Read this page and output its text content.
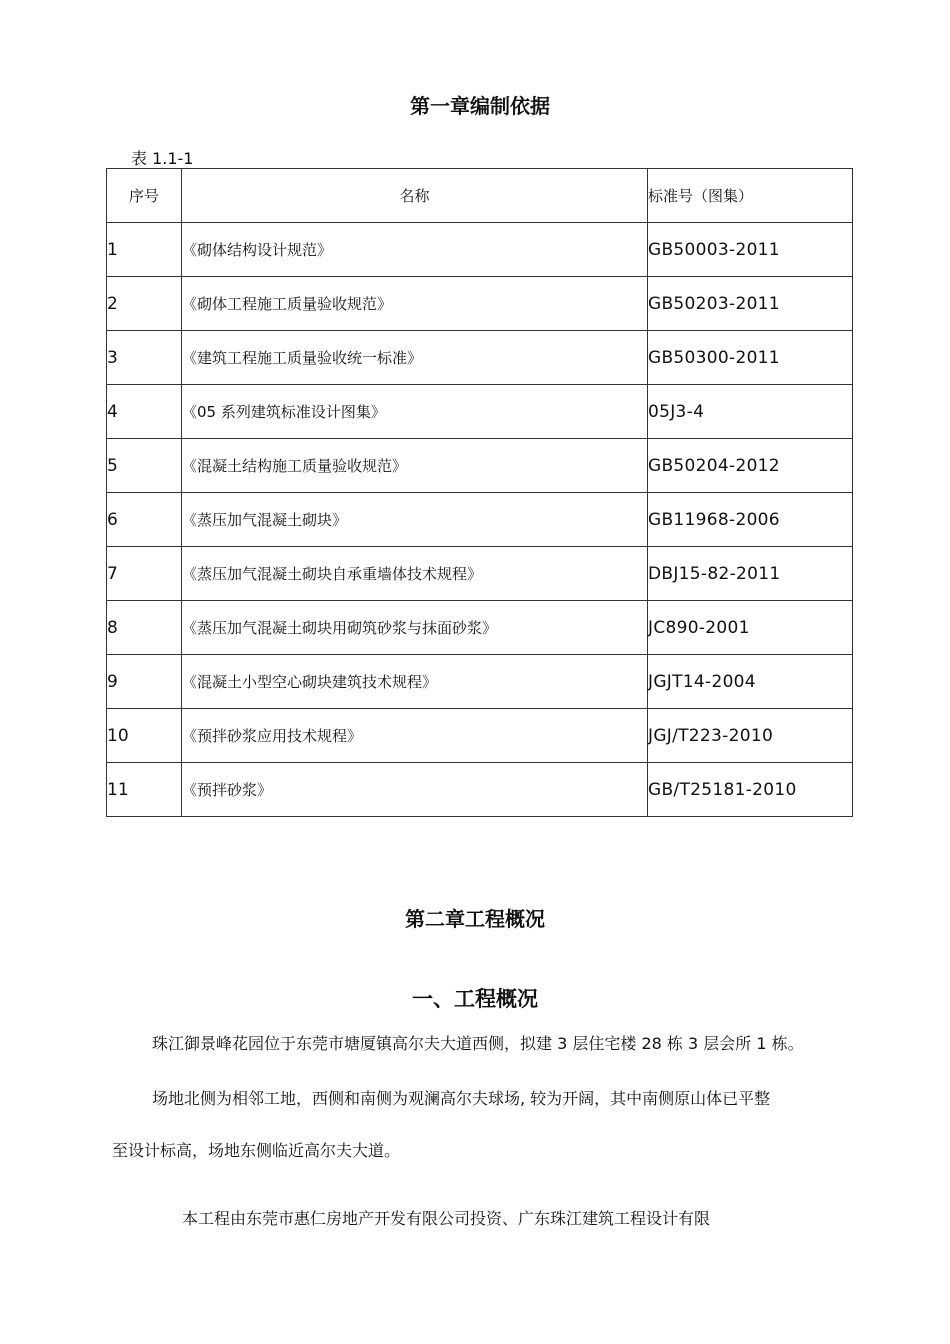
第一章编制依据
表 1.1-1
序号	名称	标准号（图集）
1	《砌体结构设计规范》	GB50003-2011
2	《砌体工程施工质量验收规范》	GB50203-2011
3	《建筑工程施工质量验收统一标准》	GB50300-2011
4	《05 系列建筑标准设计图集》	05J3-4
5	《混凝土结构施工质量验收规范》	GB50204-2012
6	《蒸压加气混凝土砌块》	GB11968-2006
7	《蒸压加气混凝土砌块自承重墙体技术规程》	DBJ15-82-2011
8	《蒸压加气混凝土砌块用砌筑砂浆与抹面砂浆》	JC890-2001
9	《混凝土小型空心砌块建筑技术规程》	JGJT14-2004
10	《预拌砂浆应用技术规程》	JGJ/T223-2010
11	《预拌砂浆》	GB/T25181-2010
第二章工程概况
一、工程概况
珠江御景峰花园位于东莞市塘厦镇高尔夫大道西侧，拟建 3 层住宅楼 28 栋 3 层会所 1 栋。
场地北侧为相邻工地，西侧和南侧为观澜高尔夫球场, 较为开阔，其中南侧原山体已平整
至设计标高，场地东侧临近高尔夫大道。
本工程由东莞市惠仁房地产开发有限公司投资、广东珠江建筑工程设计有限
